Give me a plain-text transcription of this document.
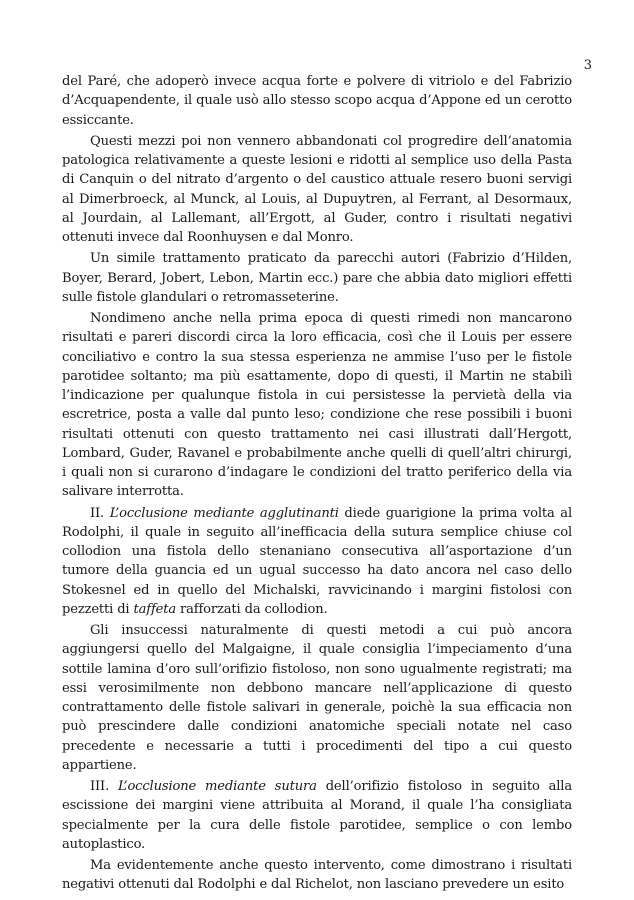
3

del Paré, che adoperò invece acqua forte e polvere di vitriolo e del Fabrizio d’Acquapendente, il quale usò allo stesso scopo acqua d’Appone ed un cerotto essiccante.

Questi mezzi poi non vennero abbandonati col progredire dell’anatomia patologica relativamente a queste lesioni e ridotti al semplice uso della Pasta di Canquin o del nitrato d’argento o del caustico attuale resero buoni servigi al Dimerbroeck, al Munck, al Louis, al Dupuytren, al Ferrant, al Desormaux, al Jourdain, al Lallemant, all’Ergott, al Guder, contro i risultati negativi ottenuti invece dal Roonhuysen e dal Monro.

Un simile trattamento praticato da parecchi autori (Fabrizio d’Hilden, Boyer, Berard, Jobert, Lebon, Martin ecc.) pare che abbia dato migliori effetti sulle fistole glandulari o retromasseterine.

Nondimeno anche nella prima epoca di questi rimedi non mancarono risultati e pareri discordi circa la loro efficacia, così che il Louis per essere conciliativo e contro la sua stessa esperienza ne ammise l’uso per le fistole parotidee soltanto; ma più esattamente, dopo di questi, il Martin ne stabilì l’indicazione per qualunque fistola in cui persistesse la pervietà della via escretrice, posta a valle dal punto leso; condizione che rese possibili i buoni risultati ottenuti con questo trattamento nei casi illustrati dall’Hergott, Lombard, Guder, Ravanel e probabilmente anche quelli di quell’altri chirurgi, i quali non si curarono d’indagare le condizioni del tratto periferico della via salivare interrotta.

II. L’occlusione mediante agglutinanti diede guarigione la prima volta al Rodolphi, il quale in seguito all’inefficacia della sutura semplice chiuse col collodion una fistola dello stenaniano consecutiva all’asportazione d’un tumore della guancia ed un ugual successo ha dato ancora nel caso dello Stokesnel ed in quello del Michalski, ravvicinando i margini fistolosi con pezzetti di taffeta rafforzati da collodion.

Gli insuccessi naturalmente di questi metodi a cui può ancora aggiungersi quello del Malgaigne, il quale consiglia l’impeciamento d’una sottile lamina d’oro sull’orifizio fistoloso, non sono ugualmente registrati; ma essi verosimilmente non debbono mancare nell’applicazione di questo contrattamento delle fistole salivari in generale, poichè la sua efficacia non può prescindere dalle condizioni anatomiche speciali notate nel caso precedente e necessarie a tutti i procedimenti del tipo a cui questo appartiene.

III. L’occlusione mediante sutura dell’orifizio fistoloso in seguito alla escissione dei margini viene attribuita al Morand, il quale l’ha consigliata specialmente per la cura delle fistole parotidee, semplice o con lembo autoplastico.

Ma evidentemente anche questo intervento, come dimostrano i risultati negativi ottenuti dal Rodolphi e dal Richelot, non lasciano prevedere un esito
